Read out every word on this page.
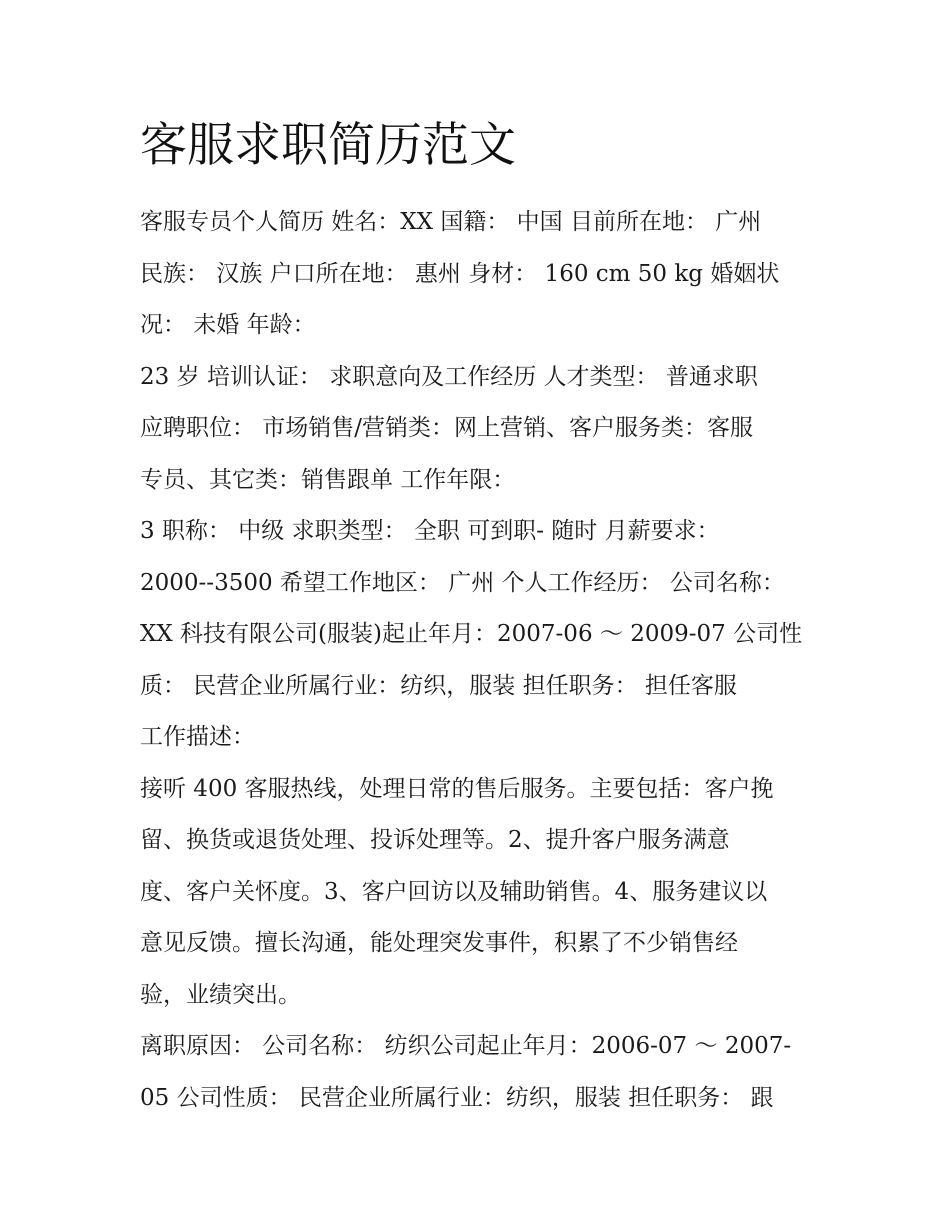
客服求职简历范文

客服专员个人简历 姓名：XX 国籍： 中国 目前所在地： 广州
民族： 汉族 户口所在地： 惠州 身材： 160 cm 50 kg 婚姻状
况： 未婚 年龄：

23 岁 培训认证： 求职意向及工作经历 人才类型： 普通求职
应聘职位： 市场销售/营销类：网上营销、客户服务类：客服
专员、其它类：销售跟单 工作年限：

3 职称： 中级 求职类型： 全职 可到职- 随时 月薪要求：
2000--3500 希望工作地区： 广州 个人工作经历： 公司名称：
XX 科技有限公司(服装)起止年月：2007-06 ～ 2009-07 公司性
质： 民营企业所属行业：纺织，服装 担任职务： 担任客服
工作描述：

接听 400 客服热线，处理日常的售后服务。主要包括：客户挽
留、换货或退货处理、投诉处理等。2、提升客户服务满意
度、客户关怀度。3、客户回访以及辅助销售。4、服务建议以
意见反馈。擅长沟通，能处理突发事件，积累了不少销售经
验，业绩突出。

离职原因： 公司名称： 纺织公司起止年月：2006-07 ～ 2007-
05 公司性质： 民营企业所属行业：纺织，服装 担任职务： 跟
